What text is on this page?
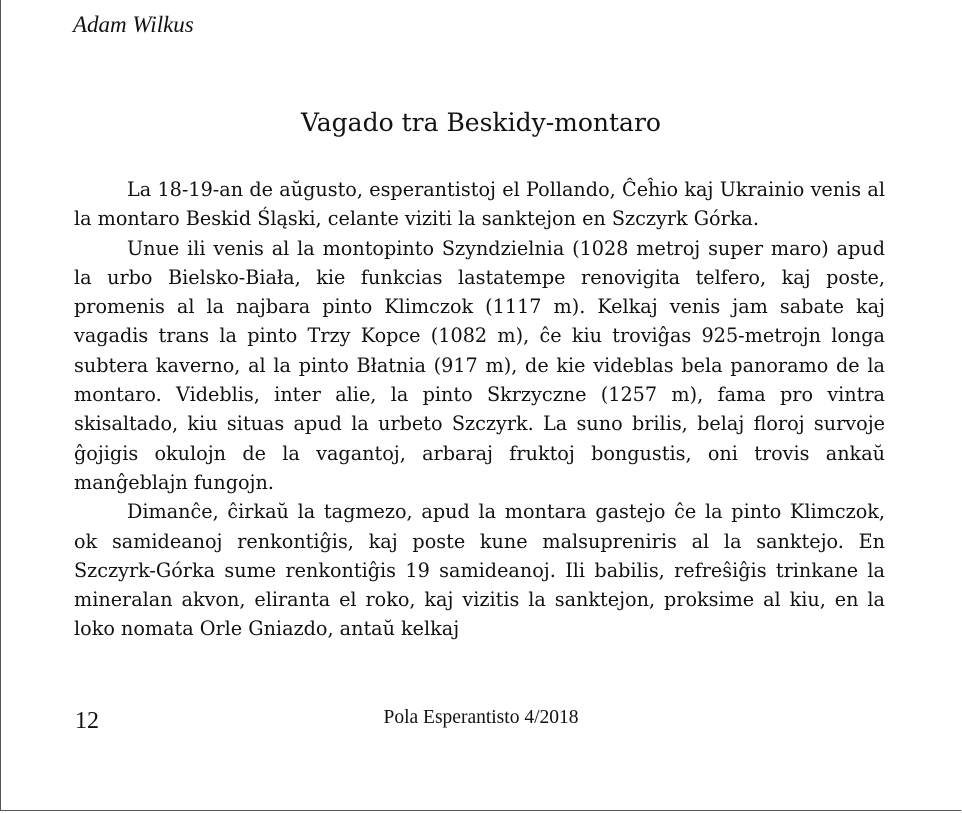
Adam Wilkus
Vagado tra Beskidy-montaro

La 18-19-an de aŭgusto, esperantistoj el Pollando, Ĉeĥio kaj Ukrainio venis al la montaro Beskid Śląski, celante viziti la sanktejon en Szczyrk Górka.

Unue ili venis al la montopinto Szyndzielnia (1028 metroj super maro) apud la urbo Bielsko-Biała, kie funkcias lastatempe renovigita telfero, kaj poste, promenis al la najbara pinto Klimczok (1117 m). Kelkaj venis jam sabate kaj vagadis trans la pinto Trzy Kopce (1082 m), ĉe kiu troviĝas 925-metrojn longa subtera kaverno, al la pinto Błatnia (917 m), de kie videblas bela panoramo de la montaro. Videblis, inter alie, la pinto Skrzyczne (1257 m), fama pro vintra skisaltado, kiu situas apud la urbeto Szczyrk. La suno brilis, belaj floroj survoje ĝojigis okulojn de la vagantoj, arbaraj fruktoj bongustis, oni trovis ankaŭ manĝeblajn fungojn.

Dimanĉe, ĉirkaŭ la tagmezo, apud la montara gastejo ĉe la pinto Klimczok, ok samideanoj renkontiĝis, kaj poste kune malsupreniris al la sanktejo. En Szczyrk-Górka sume renkontiĝis 19 samideanoj. Ili babilis, refreŝiĝis trinkane la mineralan akvon, eliranta el roko, kaj vizitis la sanktejon, proksime al kiu, en la loko nomata Orle Gniazdo, antaŭ kelkaj

12	Pola Esperantisto 4/2018
